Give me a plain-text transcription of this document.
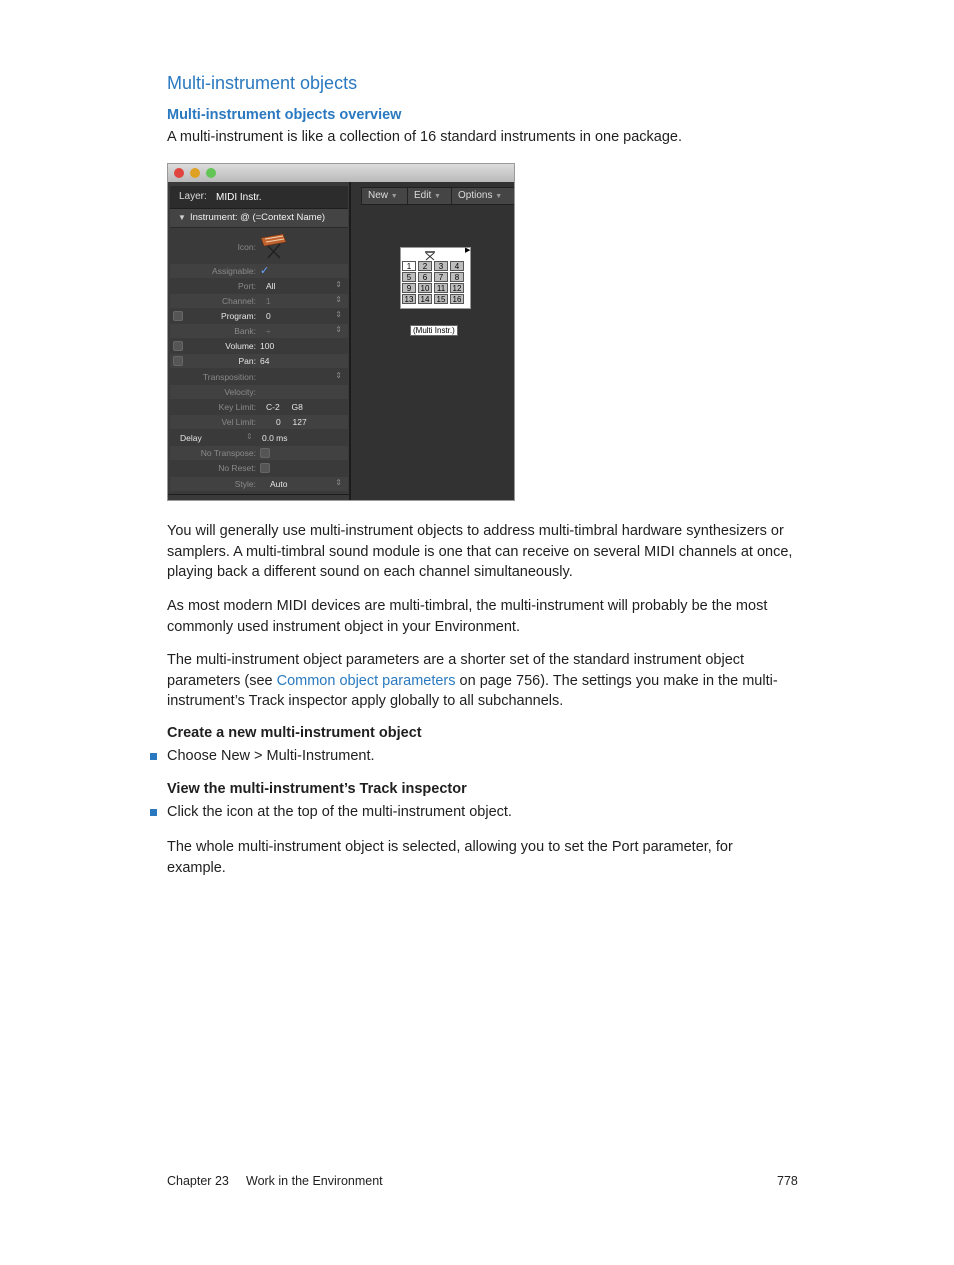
Multi-instrument objects
Multi-instrument objects overview
A multi-instrument is like a collection of 16 standard instruments in one package.
Layer: MIDI Instr.
▼ Instrument: @ (=Context Name)
Icon:
Assignable: ✓
Port: All	⇕
Channel: 1	⇕
Program: 0	⇕
Bank: ÷	⇕
Volume: 100
Pan: 64
Transposition:	⇕
Velocity:
Key Limit: C-2     G8
Vel Limit: 0     127
Delay	⇕ 0.0 ms
No Transpose:
No Reset:
Style: Auto	⇕
New ▼ Edit ▼ Options ▼
▶
1	2	3	4
5	6	7	8
9	10 11 12
13 14 15 16
(Multi Instr.)
You will generally use multi-instrument objects to address multi-timbral hardware synthesizers or samplers. A multi-timbral sound module is one that can receive on several MIDI channels at once, playing back a different sound on each channel simultaneously.
As most modern MIDI devices are multi-timbral, the multi-instrument will probably be the most commonly used instrument object in your Environment.
The multi-instrument object parameters are a shorter set of the standard instrument object parameters (see Common object parameters on page 756). The settings you make in the multi-instrument’s Track inspector apply globally to all subchannels.
Create a new multi-instrument object
Choose New > Multi-Instrument.
View the multi-instrument’s Track inspector
Click the icon at the top of the multi-instrument object.
The whole multi-instrument object is selected, allowing you to set the Port parameter, for example.
Chapter 23 Work in the Environment	778
